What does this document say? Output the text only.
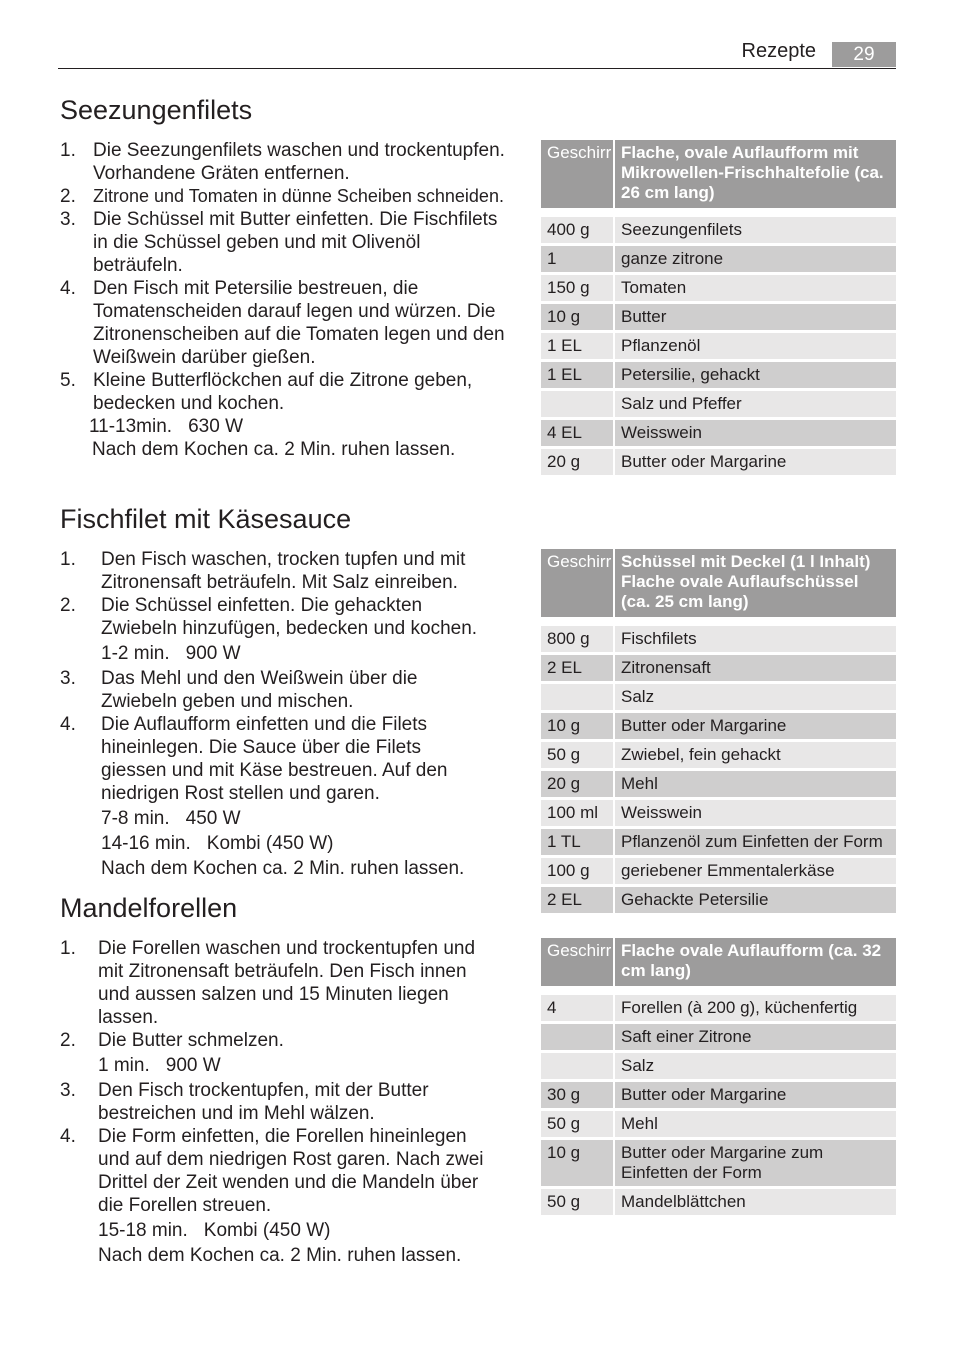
Rezepte	29
Seezungenfilets
1. Die Seezungenfilets waschen und trockentupfen.

Vorhandene Gräten entfernen.

2. Zitrone und Tomaten in dünne Scheiben schneiden.

3. Die Schüssel mit Butter einfetten. Die Fischfilets in die Schüssel geben und mit Olivenöl beträufeln.

4. Den Fisch mit Petersilie bestreuen, die Tomatenscheiden darauf legen und würzen. Die Zitronenscheiben auf die Tomaten legen und den Weißwein darüber gießen.

5. Kleine Butterflöckchen auf die Zitrone geben, bedecken und kochen.

11-13min. 630 W

Nach dem Kochen ca. 2 Min. ruhen lassen.

Geschirr	Flache, ovale Auflaufform mit Mikrowellen-Frischhaltefolie (ca. 26 cm lang)

400 g	Seezungenfilets
1	ganze zitrone
150 g	Tomaten
10 g	Butter
1 EL	Pflanzenöl
1 EL	Petersilie, gehackt
	Salz und Pfeffer
4 EL	Weisswein
20 g	Butter oder Margarine
Fischfilet mit Käsesauce
1. Den Fisch waschen, trocken tupfen und mit Zitronensaft beträufeln. Mit Salz einreiben.

2. Die Schüssel einfetten. Die gehackten Zwiebeln hinzufügen, bedecken und kochen.

1-2 min. 900 W

3. Das Mehl und den Weißwein über die Zwiebeln geben und mischen.

4. Die Auflaufform einfetten und die Filets hineinlegen. Die Sauce über die Filets giessen und mit Käse bestreuen. Auf den niedrigen Rost stellen und garen.

7-8 min. 450 W

14-16 min. Kombi (450 W)

Nach dem Kochen ca. 2 Min. ruhen lassen.

Geschirr	Schüssel mit Deckel (1 l Inhalt) Flache ovale Auflaufschüssel (ca. 25 cm lang)

800 g	Fischfilets
2 EL	Zitronensaft
	Salz
10 g	Butter oder Margarine
50 g	Zwiebel, fein gehackt
20 g	Mehl
100 ml	Weisswein
1 TL	Pflanzenöl zum Einfetten der Form
100 g	geriebener Emmentalerkäse
2 EL	Gehackte Petersilie
Mandelforellen
1. Die Forellen waschen und trockentupfen und mit Zitronensaft beträufeln. Den Fisch innen und aussen salzen und 15 Minuten liegen lassen.

2. Die Butter schmelzen.

1 min. 900 W

3. Den Fisch trockentupfen, mit der Butter bestreichen und im Mehl wälzen.

4. Die Form einfetten, die Forellen hineinlegen und auf dem niedrigen Rost garen. Nach zwei Drittel der Zeit wenden und die Mandeln über die Forellen streuen.

15-18 min. Kombi (450 W)

Nach dem Kochen ca. 2 Min. ruhen lassen.

Geschirr	Flache ovale Auflaufform (ca. 32 cm lang)

4	Forellen (à 200 g), küchenfertig
	Saft einer Zitrone
	Salz
30 g	Butter oder Margarine
50 g	Mehl
10 g	Butter oder Margarine zum Einfetten der Form
50 g	Mandelblättchen
